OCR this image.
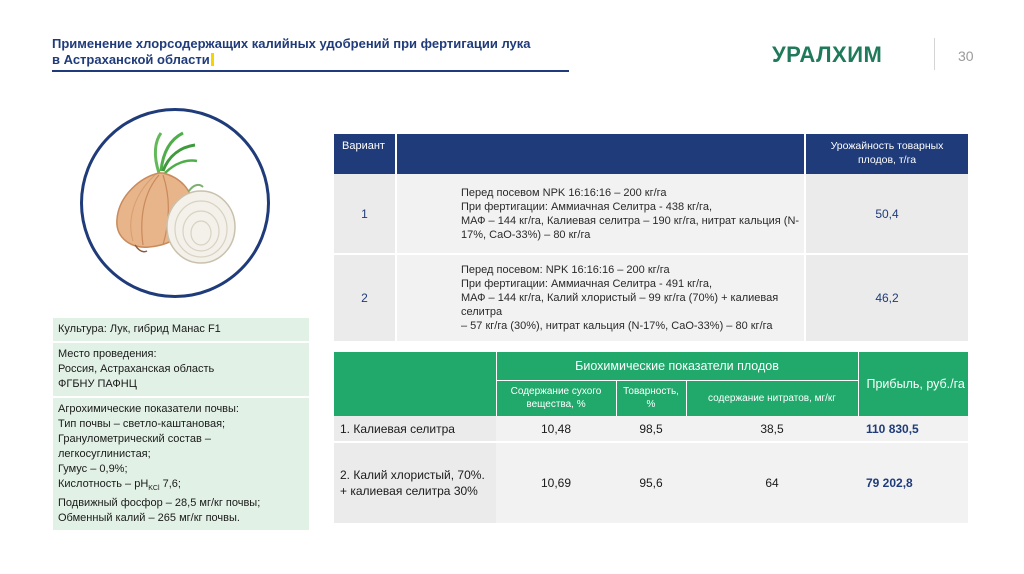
Применение хлорсодержащих калийных удобрений при фертигации лука
в Астраханской области	УРАЛХИМ	30
Культура: Лук, гибрид Манас F1
Место проведения:
Россия, Астраханская область
ФГБНУ ПАФНЦ
Агрохимические показатели почвы:
Тип почвы – светло-каштановая;
Гранулометрический состав –
легкосуглинистая;
Гумус – 0,9%;
Кислотность – $pH_{KCl}$ 7,6;
Подвижный фосфор – 28,5 мг/кг почвы;
Обменный калий – 265 мг/кг почвы.
Вариант		Урожайность товарных плодов, т/га
1	Перед посевом NPK 16:16:16 – 200 кг/га
При фертигации: Аммиачная Селитра - 438 кг/га,
МАФ – 144 кг/га, Калиевая селитра – 190 кг/га, нитрат кальция (N-
17%, CaO-33%) – 80 кг/га	50,4
2	Перед посевом: NPK 16:16:16 – 200 кг/га
При фертигации: Аммиачная Селитра - 491 кг/га,
МАФ – 144 кг/га, Калий хлористый – 99 кг/га (70%) + калиевая селитра
– 57 кг/га (30%), нитрат кальция (N-17%, CaO-33%) – 80 кг/га	46,2
	Биохимические показатели плодов			Прибыль, руб./га
	Содержание сухого вещества, %	Товарность, %	содержание нитратов, мг/кг	
1. Калиевая селитра	10,48	98,5	38,5	110 830,5
2. Калий хлористый, 70%. + калиевая селитра 30%	10,69	95,6	64	79 202,8
